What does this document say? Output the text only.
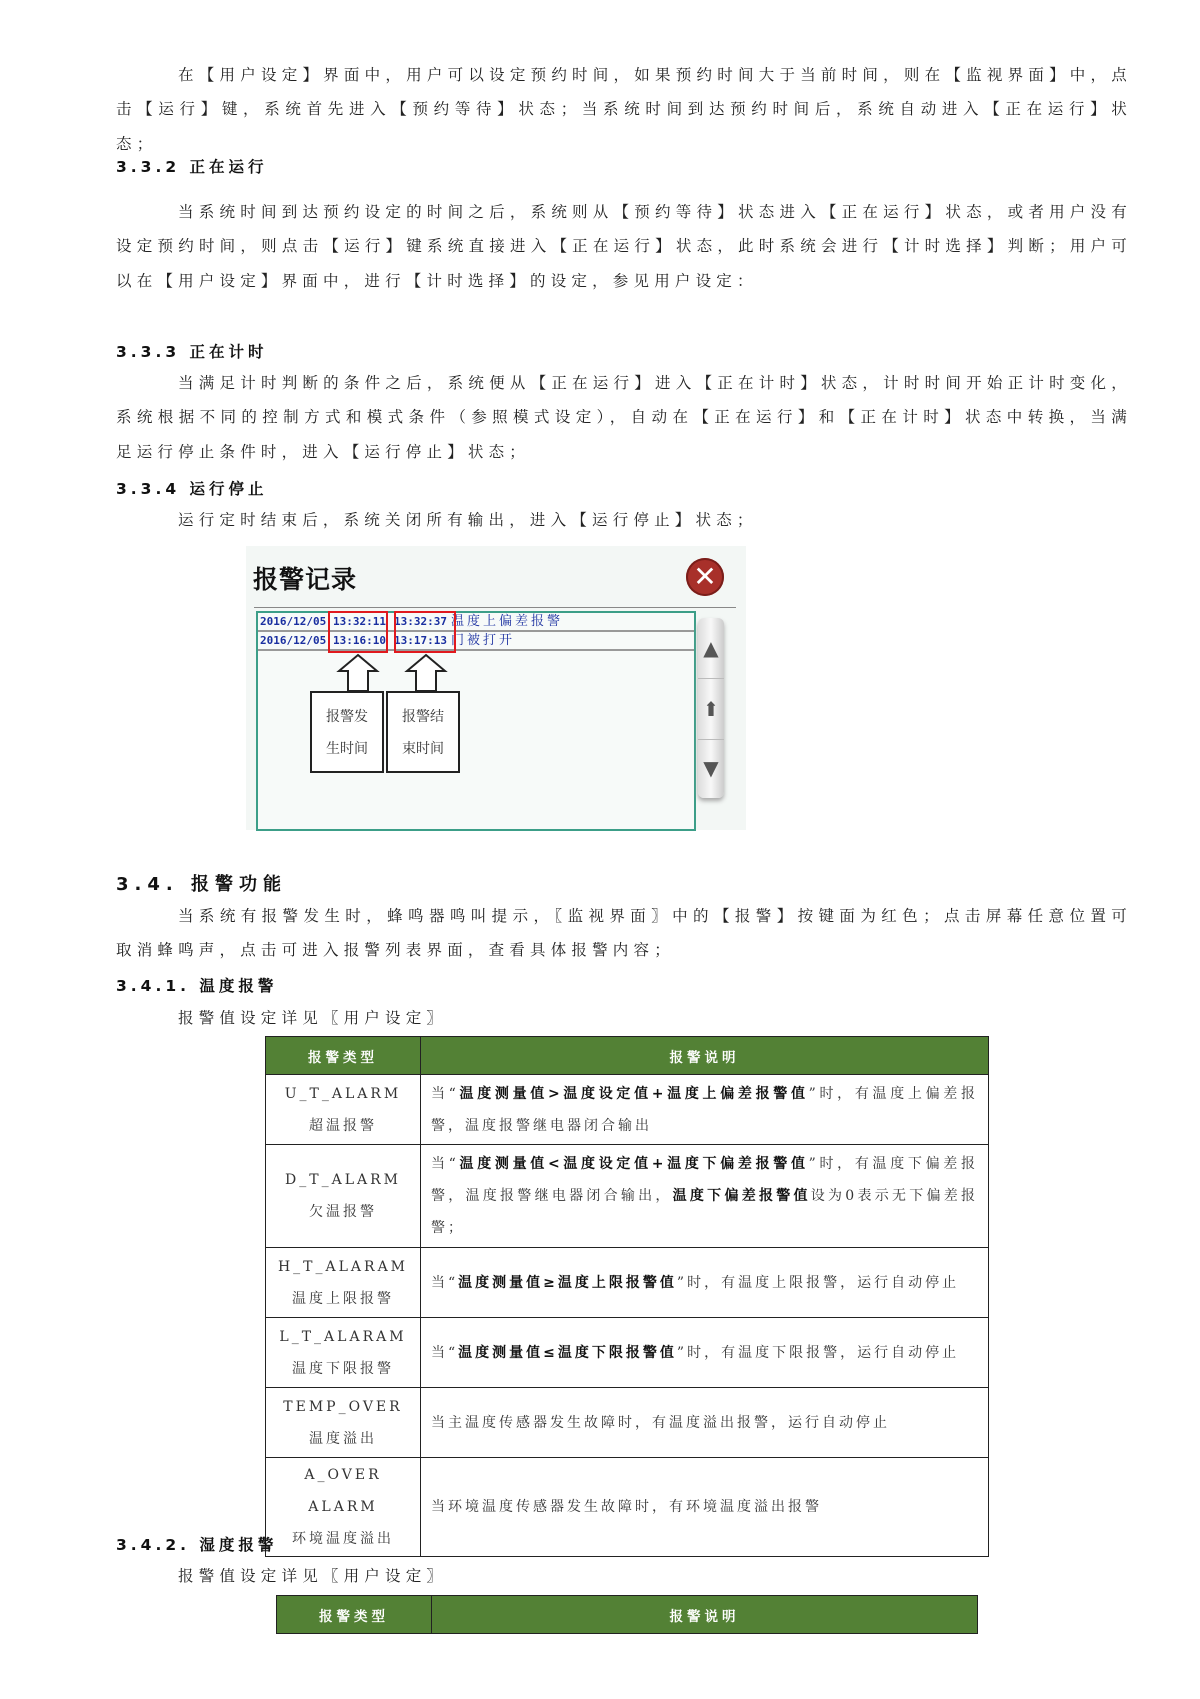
在【用户设定】界面中，用户可以设定预约时间，如果预约时间大于当前时间，则在【监视界面】中，点击【运行】键，系统首先进入【预约等待】状态；当系统时间到达预约时间后，系统自动进入【正在运行】状态；
3.3.2 正在运行
当系统时间到达预约设定的时间之后，系统则从【预约等待】状态进入【正在运行】状态，或者用户没有设定预约时间，则点击【运行】键系统直接进入【正在运行】状态，此时系统会进行【计时选择】判断；用户可以在【用户设定】界面中，进行【计时选择】的设定，参见用户设定：
3.3.3 正在计时
当满足计时判断的条件之后，系统便从【正在运行】进入【正在计时】状态，计时时间开始正计时变化，系统根据不同的控制方式和模式条件（参照模式设定），自动在【正在运行】和【正在计时】状态中转换，当满足运行停止条件时，进入【运行停止】状态；
3.3.4 运行停止
运行定时结束后，系统关闭所有输出，进入【运行停止】状态；
报警记录	✕
2016/12/05 13:32:11 13:32:37 温度上偏差报警
2016/12/05 13:16:10 13:17:13 门被打开
报警发
生时间
报警结
束时间
▲
⬆
▼
3.4. 报警功能
当系统有报警发生时，蜂鸣器鸣叫提示，〖监视界面〗中的【报警】按键面为红色；点击屏幕任意位置可取消蜂鸣声，点击可进入报警列表界面，查看具体报警内容；
3.4.1. 温度报警
报警值设定详见〖用户设定〗
报警类型	报警说明

U_T_ALARM
超温报警	当“温度测量值>温度设定值+温度上偏差报警值”时，有温度上偏差报警，温度报警继电器闭合输出

D_T_ALARM
欠温报警	当“温度测量值<温度设定值+温度下偏差报警值”时，有温度下偏差报警，温度报警继电器闭合输出，温度下偏差报警值设为0表示无下偏差报警；

H_T_ALARAM
温度上限报警	当“温度测量值≥温度上限报警值”时，有温度上限报警，运行自动停止

L_T_ALARAM
温度下限报警	当“温度测量值≤温度下限报警值”时，有温度下限报警，运行自动停止

TEMP_OVER
温度溢出	当主温度传感器发生故障时，有温度溢出报警，运行自动停止

A_OVER ALARM
环境温度溢出	当环境温度传感器发生故障时，有环境温度溢出报警
3.4.2. 湿度报警
报警值设定详见〖用户设定〗
报警类型	报警说明
